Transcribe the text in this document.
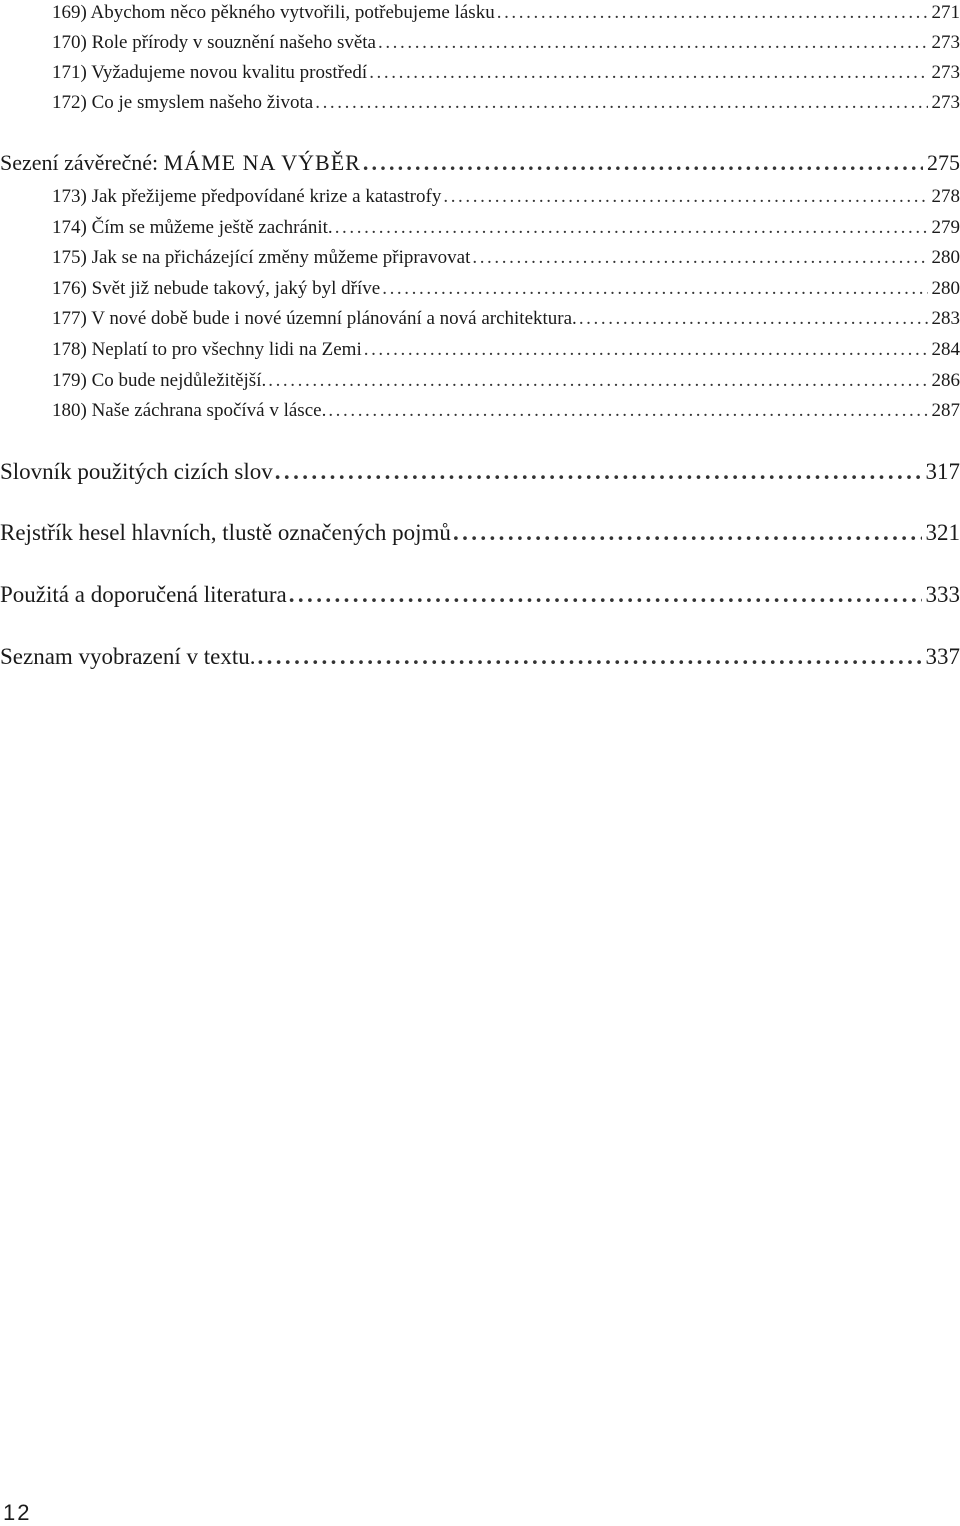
169) Abychom něco pěkného vytvořili, potřebujeme lásku .....	271
170) Role přírody v souznění našeho světa .....	273
171) Vyžadujeme novou kvalitu prostředí .....	273
172) Co je smyslem našeho života .....	273
Sezení závěrečné: MÁME NA VÝBĚR .....	275
173) Jak přežijeme předpovídané krize a katastrofy .....	278
174) Čím se můžeme ještě zachránit. .....	279
175) Jak se na přicházející změny můžeme připravovat .....	280
176) Svět již nebude takový, jaký byl dříve .....	280
177) V nové době bude i nové územní plánování a nová architektura. .....	283
178) Neplatí to pro všechny lidi na Zemi .....	284
179) Co bude nejdůležitější. .....	286
180) Naše záchrana spočívá v lásce. .....	287
Slovník použitých cizích slov .....	317
Rejstřík hesel hlavních, tlustě označených pojmů .....	321
Použitá a doporučená literatura .....	333
Seznam vyobrazení v textu. .....	337
12
